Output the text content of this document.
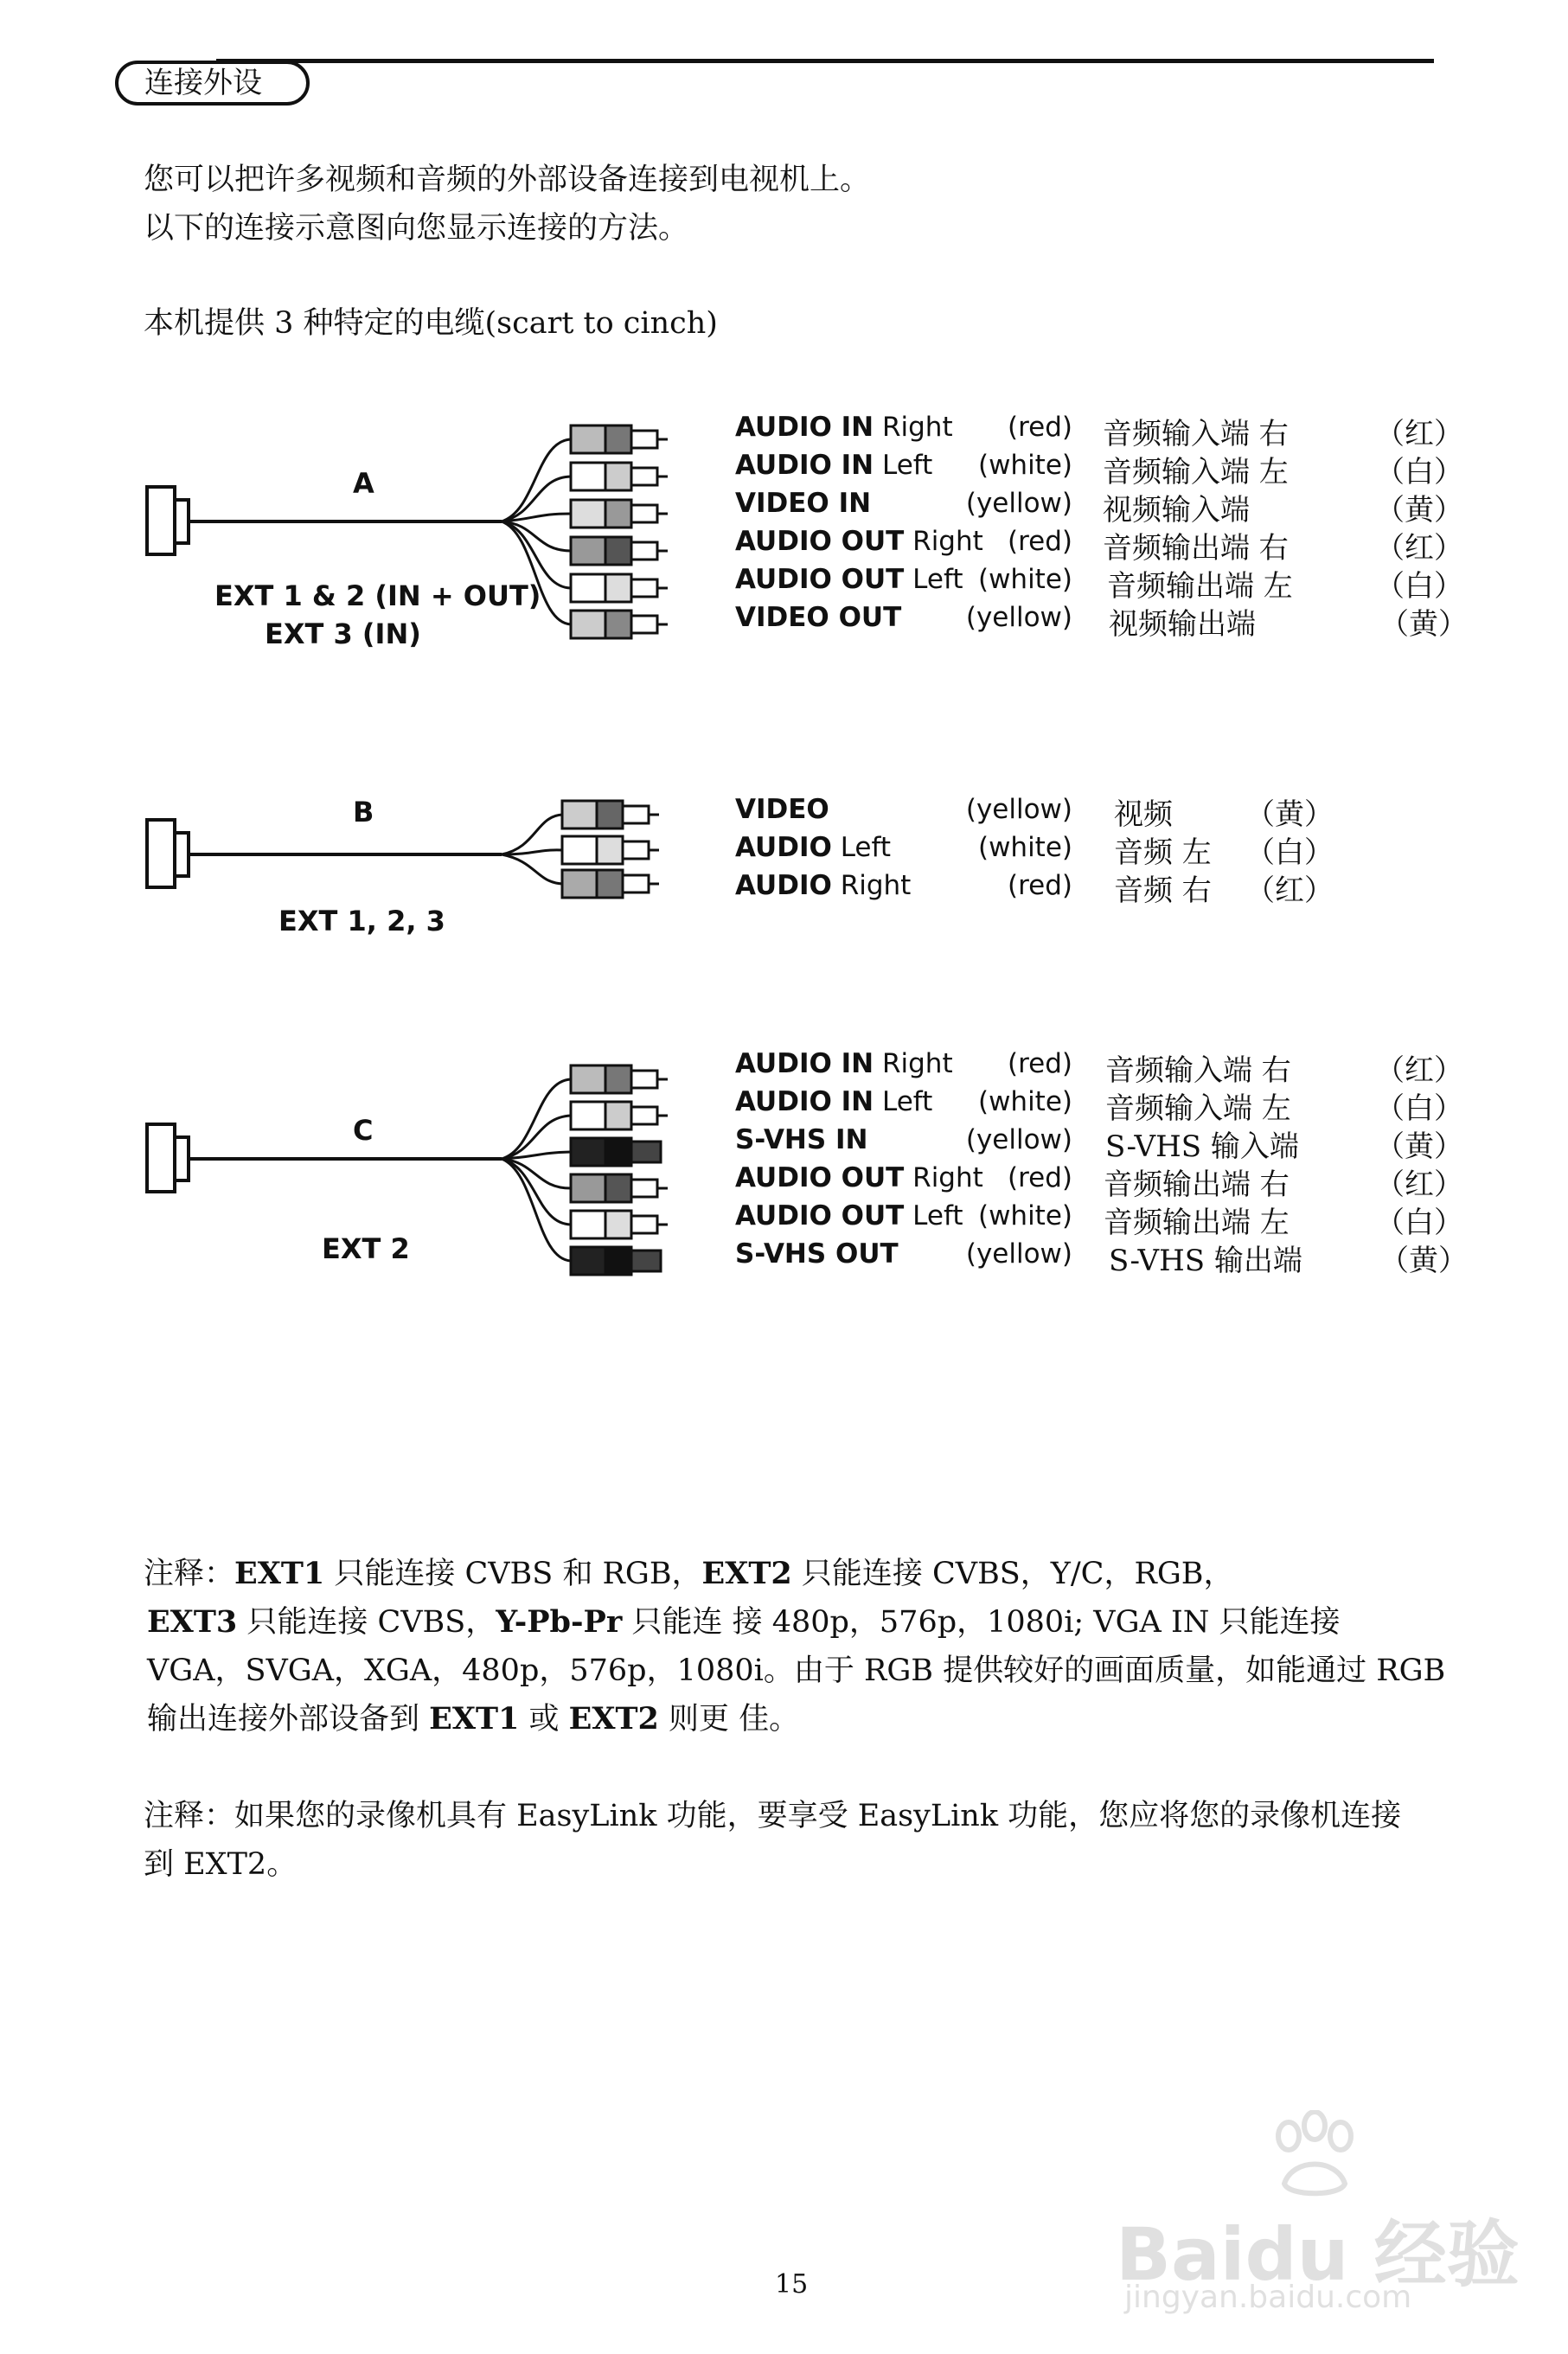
连接外设
您可以把许多视频和音频的外部设备连接到电视机上。
以下的连接示意图向您显示连接的方法。
本机提供 3 种特定的电缆(scart to cinch)
A
EXT 1 & 2 (IN + OUT)
EXT 3 (IN)
B
EXT 1, 2, 3
C
EXT 2
AUDIO IN Right	(red)
AUDIO IN Left	(white)
VIDEO IN	(yellow)
AUDIO OUT Right (red)
AUDIO OUT Left (white)
VIDEO OUT	(yellow)
音频输入端 右	（红）
音频输入端 左	（白）
视频输入端	（黄）
音频输出端 右	（红）
音频输出端 左	（白）
视频输出端	（黄）
VIDEO	(yellow)
AUDIO Left	(white)
AUDIO Right	(red)
视频 （黄）
音频 左 （白）
音频 右 （红）
AUDIO IN Right	(red)
AUDIO IN Left	(white)
S-VHS IN	(yellow)
AUDIO OUT Right (red)
AUDIO OUT Left (white)
S-VHS OUT	(yellow)
音频输入端 右	（红）
音频输入端 左	（白）
S-VHS 输入端	（黄）
音频输出端 右	（红）
音频输出端 左	（白）
S-VHS 输出端	（黄）
注释：EXT1 只能连接 CVBS 和 RGB，EXT2 只能连接 CVBS，Y/C，RGB，
EXT3 只能连接 CVBS，Y-Pb-Pr 只能连 接 480p，576p，1080i; VGA IN 只能连接
VGA，SVGA，XGA，480p，576p，1080i。由于 RGB 提供较好的画面质量，如能通过 RGB
输出连接外部设备到 EXT1 或 EXT2 则更 佳。
注释：如果您的录像机具有 EasyLink 功能，要享受 EasyLink 功能，您应将您的录像机连接
到 EXT2。
Baidu 经验
jingyan.baidu.com
15
